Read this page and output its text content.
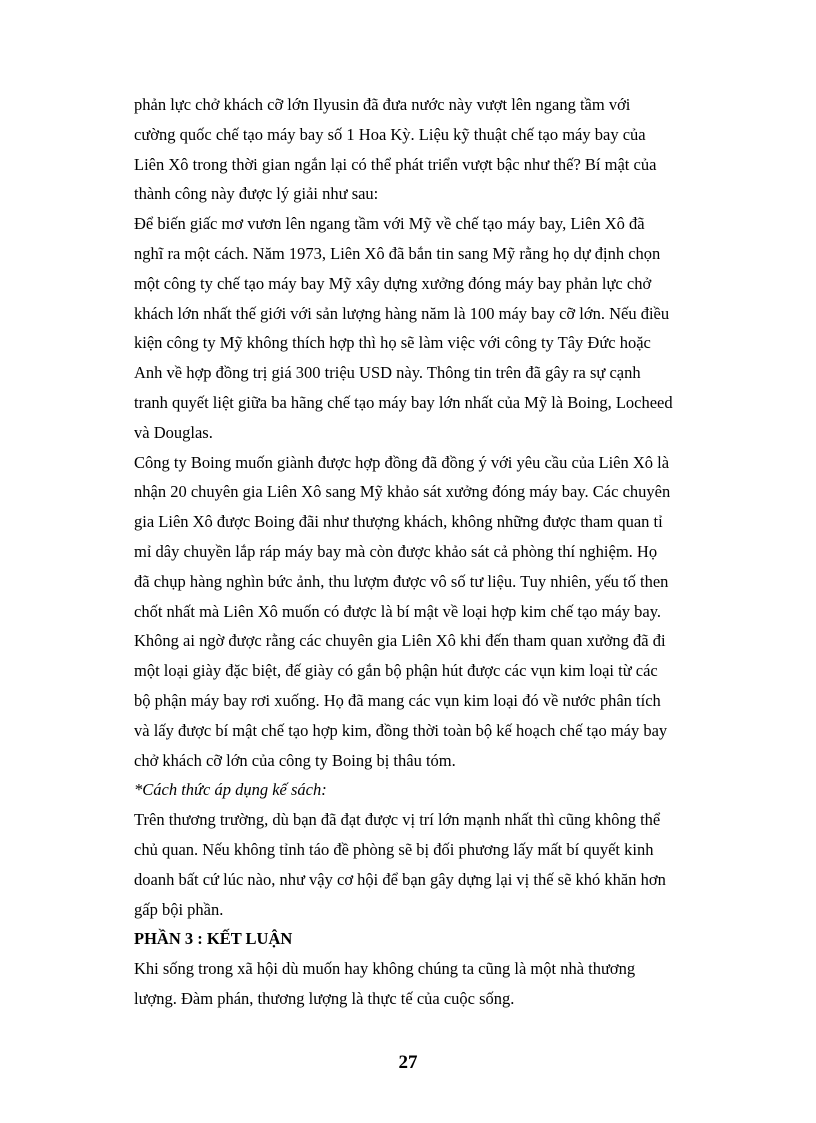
phản lực chở khách cỡ lớn Ilyusin đã đưa nước này vượt lên ngang tầm với
cường quốc chế tạo máy bay số 1 Hoa Kỳ. Liệu kỹ thuật chế tạo máy bay của
Liên Xô trong thời gian ngắn lại có thể phát triển vượt bậc như thế? Bí mật của
thành công này được lý giải như sau:

Để biến giấc mơ vươn lên ngang tầm với Mỹ về chế tạo máy bay, Liên Xô đã
nghĩ ra một cách. Năm 1973, Liên Xô đã bắn tin sang Mỹ rằng họ dự định chọn
một công ty chế tạo máy bay Mỹ xây dựng xưởng đóng máy bay phản lực chở
khách lớn nhất thế giới với sản lượng hàng năm là 100 máy bay cỡ lớn. Nếu điều
kiện công ty Mỹ không thích hợp thì họ sẽ làm việc với công ty Tây Đức hoặc
Anh về hợp đồng trị giá 300 triệu USD này. Thông tin trên đã gây ra sự cạnh
tranh quyết liệt giữa ba hãng chế tạo máy bay lớn nhất của Mỹ là Boing, Locheed
và Douglas.

Công ty Boing muốn giành được hợp đồng đã đồng ý với yêu cầu của Liên Xô là
nhận 20 chuyên gia Liên Xô sang Mỹ khảo sát xưởng đóng máy bay. Các chuyên
gia Liên Xô được Boing đãi như thượng khách, không những được tham quan tỉ
mỉ dây chuyền lắp ráp máy bay mà còn được khảo sát cả phòng thí nghiệm. Họ
đã chụp hàng nghìn bức ảnh, thu lượm được vô số tư liệu. Tuy nhiên, yếu tố then
chốt nhất mà Liên Xô muốn có được là bí mật về loại hợp kim chế tạo máy bay.
Không ai ngờ được rằng các chuyên gia Liên Xô khi đến tham quan xưởng đã đi
một loại giày đặc biệt, đế giày có gắn bộ phận hút được các vụn kim loại từ các
bộ phận máy bay rơi xuống. Họ đã mang các vụn kim loại đó về nước phân tích
và lấy được bí mật chế tạo hợp kim, đồng thời toàn bộ kế hoạch chế tạo máy bay
chở khách cỡ lớn của công ty Boing bị thâu tóm.

*Cách thức áp dụng kế sách:

Trên thương trường, dù bạn đã đạt được vị trí lớn mạnh nhất thì cũng không thể
chủ quan. Nếu không tỉnh táo đề phòng sẽ bị đối phương lấy mất bí quyết kinh
doanh bất cứ lúc nào, như vậy cơ hội để bạn gây dựng lại vị thế sẽ khó khăn hơn
gấp bội phần.

PHẦN 3 : KẾT LUẬN

Khi sống trong xã hội dù muốn hay không chúng ta cũng là một nhà thương
lượng. Đàm phán, thương lượng là thực tế của cuộc sống.

27
